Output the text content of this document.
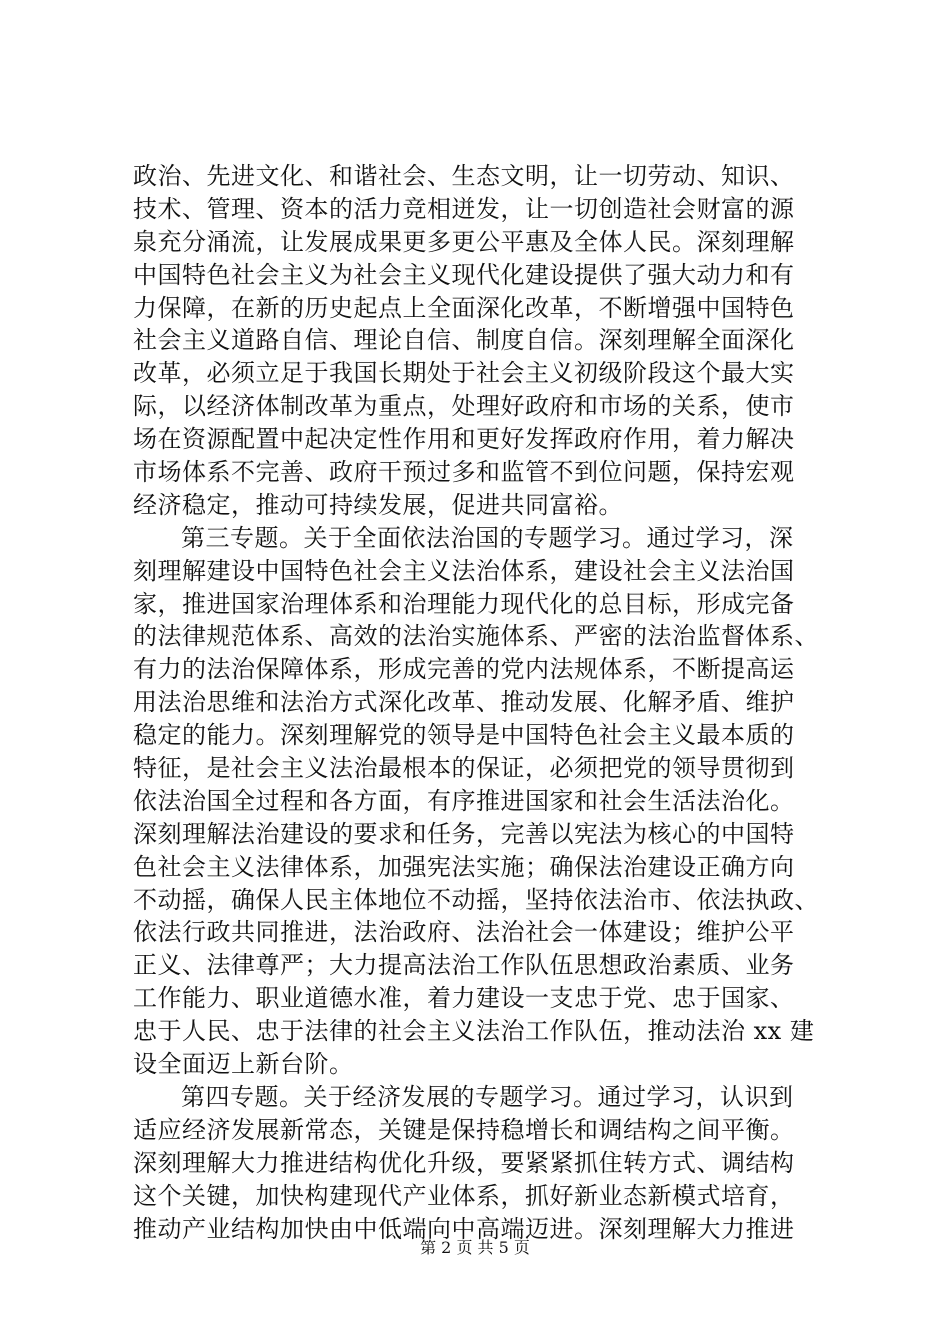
政治、先进文化、和谐社会、生态文明，让一切劳动、知识、
技术、管理、资本的活力竞相迸发，让一切创造社会财富的源
泉充分涌流，让发展成果更多更公平惠及全体人民。深刻理解
中国特色社会主义为社会主义现代化建设提供了强大动力和有
力保障，在新的历史起点上全面深化改革，不断增强中国特色
社会主义道路自信、理论自信、制度自信。深刻理解全面深化
改革，必须立足于我国长期处于社会主义初级阶段这个最大实
际，以经济体制改革为重点，处理好政府和市场的关系，使市
场在资源配置中起决定性作用和更好发挥政府作用，着力解决
市场体系不完善、政府干预过多和监管不到位问题，保持宏观
经济稳定，推动可持续发展，促进共同富裕。
第三专题。关于全面依法治国的专题学习。通过学习，深
刻理解建设中国特色社会主义法治体系，建设社会主义法治国
家，推进国家治理体系和治理能力现代化的总目标，形成完备
的法律规范体系、高效的法治实施体系、严密的法治监督体系、
有力的法治保障体系，形成完善的党内法规体系，不断提高运
用法治思维和法治方式深化改革、推动发展、化解矛盾、维护
稳定的能力。深刻理解党的领导是中国特色社会主义最本质的
特征，是社会主义法治最根本的保证，必须把党的领导贯彻到
依法治国全过程和各方面，有序推进国家和社会生活法治化。
深刻理解法治建设的要求和任务，完善以宪法为核心的中国特
色社会主义法律体系，加强宪法实施；确保法治建设正确方向
不动摇，确保人民主体地位不动摇，坚持依法治市、依法执政、
依法行政共同推进，法治政府、法治社会一体建设；维护公平
正义、法律尊严；大力提高法治工作队伍思想政治素质、业务
工作能力、职业道德水准，着力建设一支忠于党、忠于国家、
忠于人民、忠于法律的社会主义法治工作队伍，推动法治 xx 建
设全面迈上新台阶。
第四专题。关于经济发展的专题学习。通过学习，认识到
适应经济发展新常态，关键是保持稳增长和调结构之间平衡。
深刻理解大力推进结构优化升级，要紧紧抓住转方式、调结构
这个关键，加快构建现代产业体系，抓好新业态新模式培育，
推动产业结构加快由中低端向中高端迈进。深刻理解大力推进
第 2 页 共 5 页
